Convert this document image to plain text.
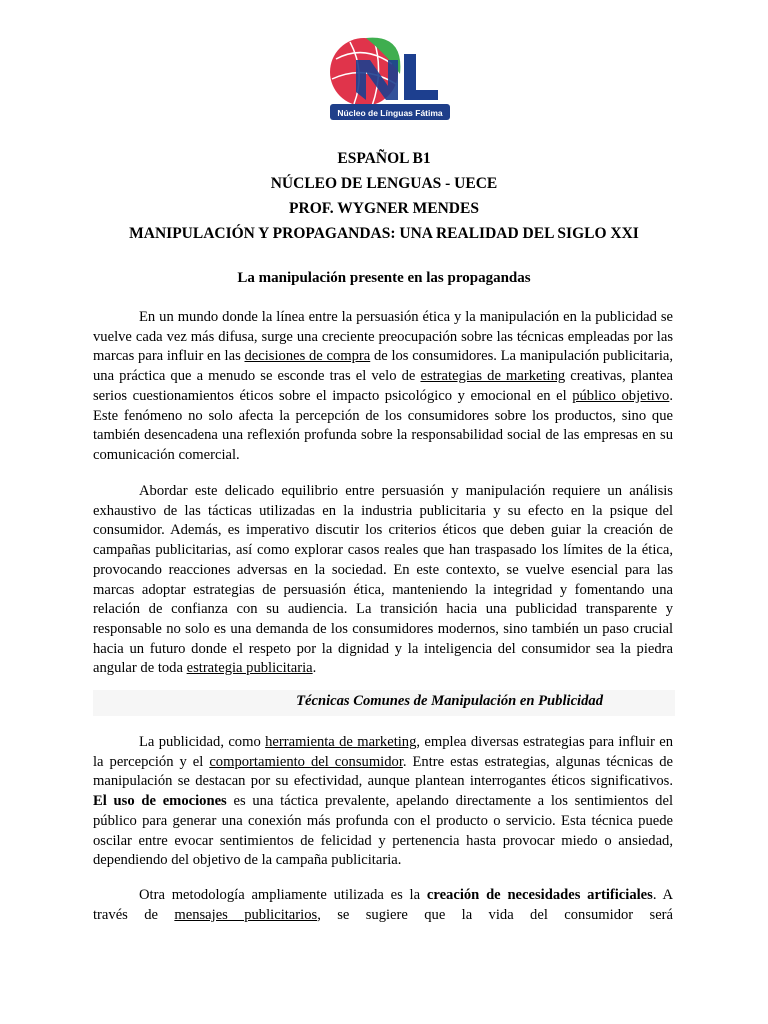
Núcleo de Línguas Fátima
ESPAÑOL B1
NÚCLEO DE LENGUAS - UECE
PROF. WYGNER MENDES
MANIPULACIÓN Y PROPAGANDAS: UNA REALIDAD DEL SIGLO XXI
La manipulación presente en las propagandas

En un mundo donde la línea entre la persuasión ética y la manipulación en la publicidad se vuelve cada vez más difusa, surge una creciente preocupación sobre las técnicas empleadas por las marcas para influir en las decisiones de compra de los consumidores. La manipulación publicitaria, una práctica que a menudo se esconde tras el velo de estrategias de marketing creativas, plantea serios cuestionamientos éticos sobre el impacto psicológico y emocional en el público objetivo. Este fenómeno no solo afecta la percepción de los consumidores sobre los productos, sino que también desencadena una reflexión profunda sobre la responsabilidad social de las empresas en su comunicación comercial.

Abordar este delicado equilibrio entre persuasión y manipulación requiere un análisis exhaustivo de las tácticas utilizadas en la industria publicitaria y su efecto en la psique del consumidor. Además, es imperativo discutir los criterios éticos que deben guiar la creación de campañas publicitarias, así como explorar casos reales que han traspasado los límites de la ética, provocando reacciones adversas en la sociedad. En este contexto, se vuelve esencial para las marcas adoptar estrategias de persuasión ética, manteniendo la integridad y fomentando una relación de confianza con su audiencia. La transición hacia una publicidad transparente y responsable no solo es una demanda de los consumidores modernos, sino también un paso crucial hacia un futuro donde el respeto por la dignidad y la inteligencia del consumidor sea la piedra angular de toda estrategia publicitaria.

Técnicas Comunes de Manipulación en Publicidad

La publicidad, como herramienta de marketing, emplea diversas estrategias para influir en la percepción y el comportamiento del consumidor. Entre estas estrategias, algunas técnicas de manipulación se destacan por su efectividad, aunque plantean interrogantes éticos significativos. El uso de emociones es una táctica prevalente, apelando directamente a los sentimientos del público para generar una conexión más profunda con el producto o servicio. Esta técnica puede oscilar entre evocar sentimientos de felicidad y pertenencia hasta provocar miedo o ansiedad, dependiendo del objetivo de la campaña publicitaria.

Otra metodología ampliamente utilizada es la creación de necesidades artificiales. A través de mensajes publicitarios, se sugiere que la vida del consumidor será
